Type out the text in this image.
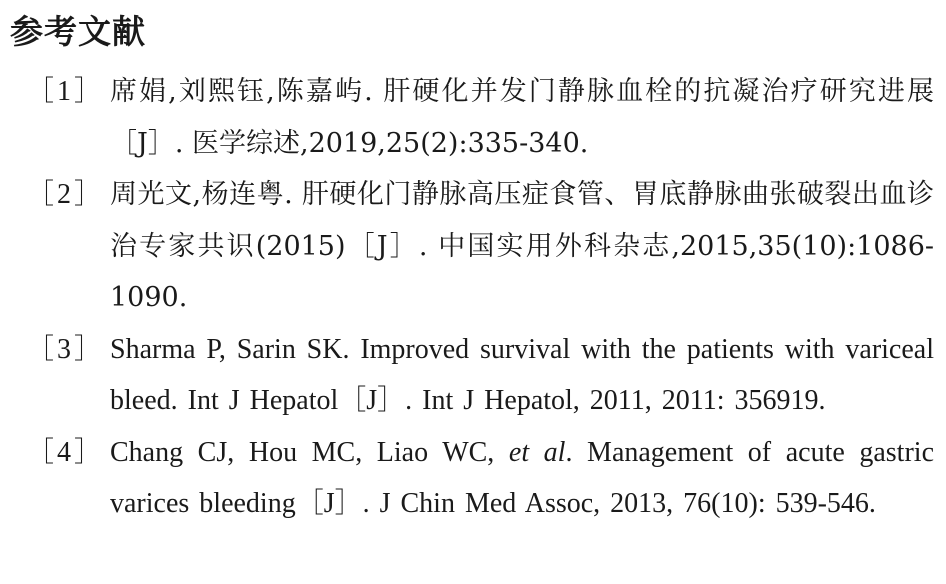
参考文献
［1］ 席娟,刘熙钰,陈嘉屿. 肝硬化并发门静脉血栓的抗凝治疗研究进展［J］. 医学综述,2019,25(2):335-340.
［2］ 周光文,杨连粤. 肝硬化门静脉高压症食管、胃底静脉曲张破裂出血诊治专家共识(2015)［J］. 中国实用外科杂志,2015,35(10):1086-1090.
［3］ Sharma P, Sarin SK. Improved survival with the patients with variceal bleed. Int J Hepatol［J］. Int J Hepatol, 2011, 2011: 356919.
［4］ Chang CJ, Hou MC, Liao WC, et al. Management of acute gastric varices bleeding［J］. J Chin Med Assoc, 2013, 76(10): 539-546.
